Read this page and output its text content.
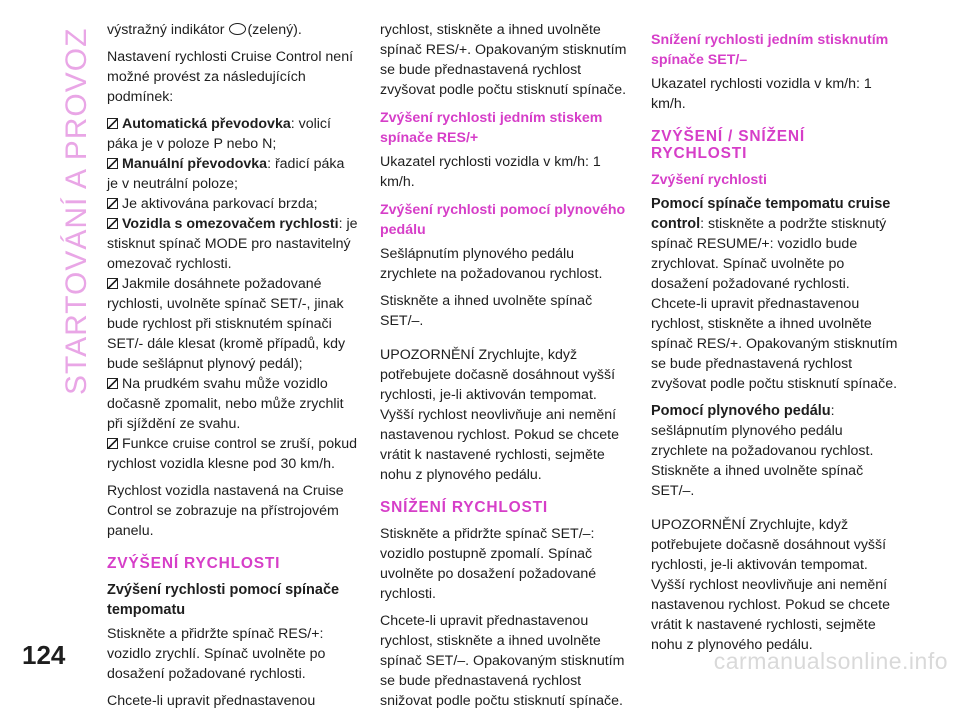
STARTOVÁNÍ A PROVOZ
124	carmanualsonline.info

výstražný indikátor (zelený).

Nastavení rychlosti Cruise Control není možné provést za následujících podmínek:

Automatická převodovka: volicí páka je v poloze P nebo N;
Manuální převodovka: řadicí páka je v neutrální poloze;
Je aktivována parkovací brzda;
Vozidla s omezovačem rychlosti: je stisknut spínač MODE pro nastavitelný omezovač rychlosti.
Jakmile dosáhnete požadované rychlosti, uvolněte spínač SET/-, jinak bude rychlost při stisknutém spínači SET/- dále klesat (kromě případů, kdy bude sešlápnut plynový pedál);
Na prudkém svahu může vozidlo dočasně zpomalit, nebo může zrychlit při sjíždění ze svahu.
Funkce cruise control se zruší, pokud rychlost vozidla klesne pod 30 km/h.

Rychlost vozidla nastavená na Cruise Control se zobrazuje na přístrojovém panelu.

ZVÝŠENÍ RYCHLOSTI
Zvýšení rychlosti pomocí spínače tempomatu

Stiskněte a přidržte spínač RES/+: vozidlo zrychlí. Spínač uvolněte po dosažení požadované rychlosti.

Chcete-li upravit přednastavenou

rychlost, stiskněte a ihned uvolněte spínač RES/+. Opakovaným stisknutím se bude přednastavená rychlost zvyšovat podle počtu stisknutí spínače.

Zvýšení rychlosti jedním stiskem spínače RES/+

Ukazatel rychlosti vozidla v km/h: 1 km/h.

Zvýšení rychlosti pomocí plynového pedálu

Sešlápnutím plynového pedálu zrychlete na požadovanou rychlost.

Stiskněte a ihned uvolněte spínač SET/–.

UPOZORNĚNÍ Zrychlujte, když potřebujete dočasně dosáhnout vyšší rychlosti, je-li aktivován tempomat. Vyšší rychlost neovlivňuje ani nemění nastavenou rychlost. Pokud se chcete vrátit k nastavené rychlosti, sejměte nohu z plynového pedálu.

SNÍŽENÍ RYCHLOSTI

Stiskněte a přidržte spínač SET/–: vozidlo postupně zpomalí. Spínač uvolněte po dosažení požadované rychlosti.

Chcete-li upravit přednastavenou rychlost, stiskněte a ihned uvolněte spínač SET/–. Opakovaným stisknutím se bude přednastavená rychlost snižovat podle počtu stisknutí spínače.

Snížení rychlosti jedním stisknutím spínače SET/–

Ukazatel rychlosti vozidla v km/h: 1 km/h.

ZVÝŠENÍ / SNÍŽENÍ RYCHLOSTI
Zvýšení rychlosti

Pomocí spínače tempomatu cruise control: stiskněte a podržte stisknutý spínač RESUME/+: vozidlo bude zrychlovat. Spínač uvolněte po dosažení požadované rychlosti. Chcete-li upravit přednastavenou rychlost, stiskněte a ihned uvolněte spínač RES/+. Opakovaným stisknutím se bude přednastavená rychlost zvyšovat podle počtu stisknutí spínače.

Pomocí plynového pedálu: sešlápnutím plynového pedálu zrychlete na požadovanou rychlost. Stiskněte a ihned uvolněte spínač SET/–.

UPOZORNĚNÍ Zrychlujte, když potřebujete dočasně dosáhnout vyšší rychlosti, je-li aktivován tempomat. Vyšší rychlost neovlivňuje ani nemění nastavenou rychlost. Pokud se chcete vrátit k nastavené rychlosti, sejměte nohu z plynového pedálu.
